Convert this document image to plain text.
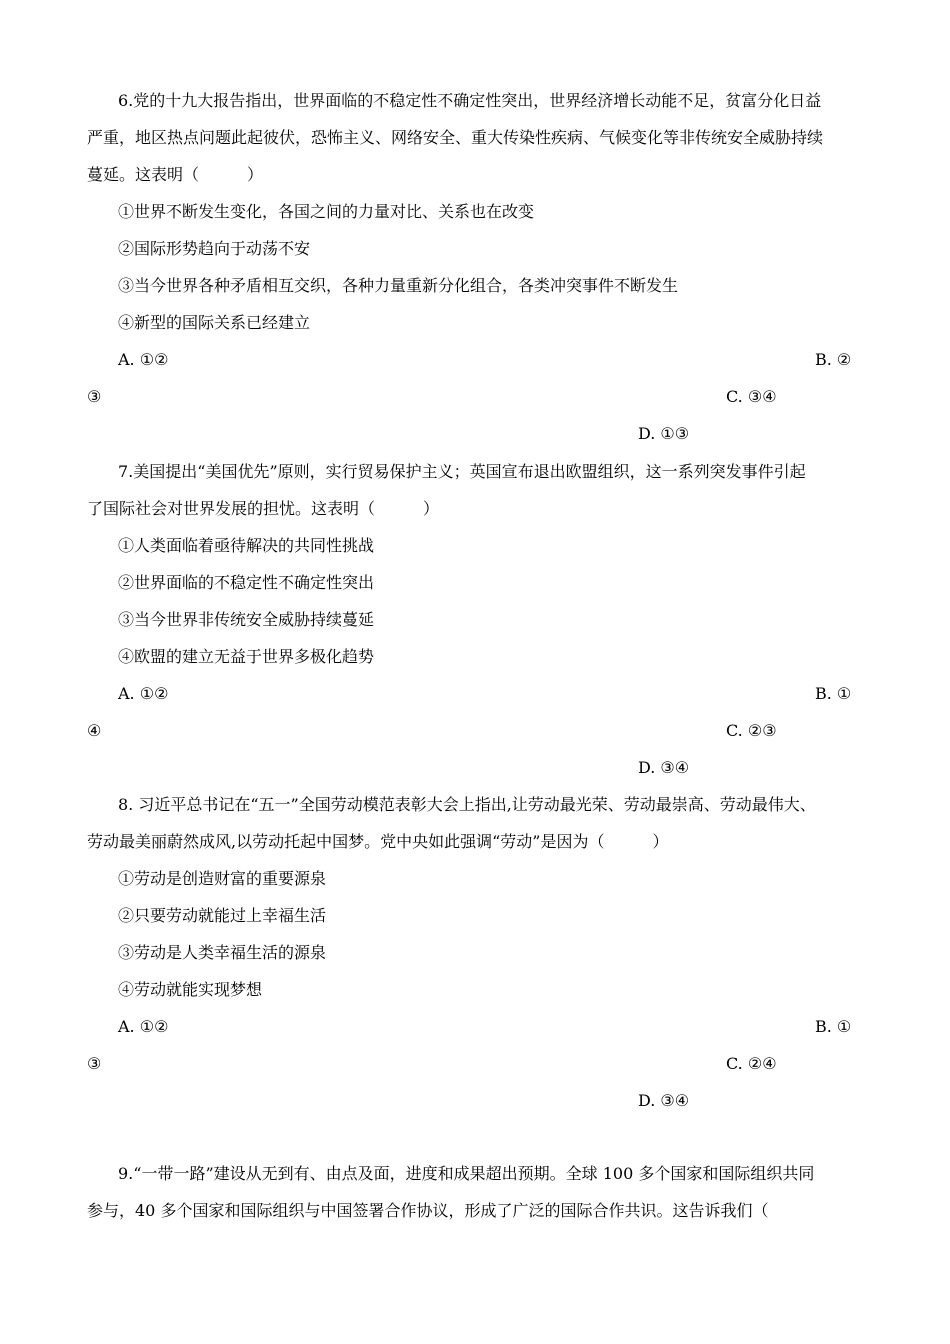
6.党的十九大报告指出，世界面临的不稳定性不确定性突出，世界经济增长动能不足，贫富分化日益
严重，地区热点问题此起彼伏，恐怖主义、网络安全、重大传染性疾病、气候变化等非传统安全威胁持续
蔓延。这表明（　　　）
①世界不断发生变化，各国之间的力量对比、关系也在改变
②国际形势趋向于动荡不安
③当今世界各种矛盾相互交织，各种力量重新分化组合，各类冲突事件不断发生
④新型的国际关系已经建立
A. ①②	B. ②
③	C. ③④
D. ①③
7.美国提出“美国优先”原则，实行贸易保护主义；英国宣布退出欧盟组织，这一系列突发事件引起
了国际社会对世界发展的担忧。这表明（　　　）
①人类面临着亟待解决的共同性挑战
②世界面临的不稳定性不确定性突出
③当今世界非传统安全威胁持续蔓延
④欧盟的建立无益于世界多极化趋势
A. ①②	B. ①
④	C. ②③
D. ③④
8. 习近平总书记在“五一”全国劳动模范表彰大会上指出,让劳动最光荣、劳动最崇高、劳动最伟大、
劳动最美丽蔚然成风,以劳动托起中国梦。党中央如此强调“劳动”是因为（　　　）
①劳动是创造财富的重要源泉
②只要劳动就能过上幸福生活
③劳动是人类幸福生活的源泉
④劳动就能实现梦想
A. ①②	B. ①
③	C. ②④
D. ③④
9.“一带一路”建设从无到有、由点及面，进度和成果超出预期。全球 100 多个国家和国际组织共同
参与，40 多个国家和国际组织与中国签署合作协议，形成了广泛的国际合作共识。这告诉我们（
